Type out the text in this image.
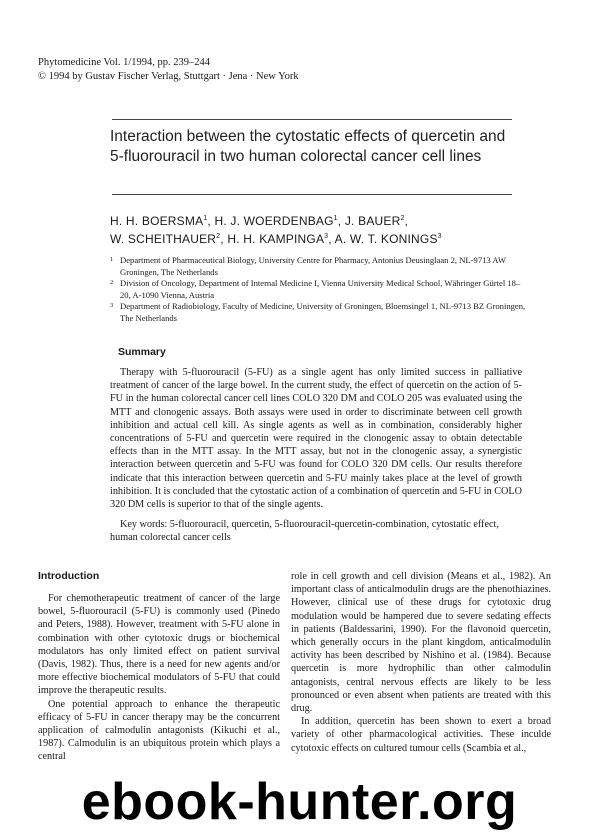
Phytomedicine Vol. 1/1994, pp. 239–244
© 1994 by Gustav Fischer Verlag, Stuttgart · Jena · New York
Interaction between the cytostatic effects of quercetin and 5-fluorouracil in two human colorectal cancer cell lines
H. H. BOERSMA$^1$, H. J. WOERDENBAG$^1$, J. BAUER$^2$,
W. SCHEITHAUER$^2$, H. H. KAMPINGA$^3$, A. W. T. KONINGS$^3$

1 Department of Pharmaceutical Biology, University Centre for Pharmacy, Antonius Deusinglaan 2, NL-9713 AW Groningen, The Netherlands

2 Division of Oncology, Department of Internal Medicine I, Vienna University Medical School, Währinger Gürtel 18–20, A-1090 Vienna, Austria

3 Department of Radiobiology, Faculty of Medicine, University of Groningen, Bloemsingel 1, NL-9713 BZ Groningen, The Netherlands

Summary
Therapy with 5-fluorouracil (5-FU) as a single agent has only limited success in palliative treatment of cancer of the large bowel. In the current study, the effect of quercetin on the action of 5-FU in the human colorectal cancer cell lines COLO 320 DM and COLO 205 was evaluated using the MTT and clonogenic assays. Both assays were used in order to discriminate between cell growth inhibition and actual cell kill. As single agents as well as in combination, considerably higher concentrations of 5-FU and quercetin were required in the clonogenic assay to obtain detectable effects than in the MTT assay. In the MTT assay, but not in the clonogenic assay, a synergistic interaction between quercetin and 5-FU was found for COLO 320 DM cells. Our results therefore indicate that this interaction between quercetin and 5-FU mainly takes place at the level of growth inhibition. It is concluded that the cytostatic action of a combination of quercetin and 5-FU in COLO 320 DM cells is superior to that of the single agents.
Key words: 5-fluorouracil, quercetin, 5-fluorouracil-quercetin-combination, cytostatic effect, human colorectal cancer cells
Introduction

For chemotherapeutic treatment of cancer of the large bowel, 5-fluorouracil (5-FU) is commonly used (Pinedo and Peters, 1988). However, treatment with 5-FU alone in combination with other cytotoxic drugs or biochemical modulators has only limited effect on patient survival (Davis, 1982). Thus, there is a need for new agents and/or more effective biochemical modulators of 5-FU that could improve the therapeutic results.

One potential approach to enhance the therapeutic efficacy of 5-FU in cancer therapy may be the concurrent application of calmodulin antagonists (Kikuchi et al., 1987). Calmodulin is an ubiquitous protein which plays a central

role in cell growth and cell division (Means et al., 1982). An important class of anticalmodulin drugs are the phenothiazines. However, clinical use of these drugs for cytotoxic drug modulation would be hampered due to severe sedating effects in patients (Baldessarini, 1990). For the flavonoid quercetin, which generally occurs in the plant kingdom, anticalmodulin activity has been described by Nishino et al. (1984). Because quercetin is more hydrophilic than other calmodulin antagonists, central nervous effects are likely to be less pronounced or even absent when patients are treated with this drug.

In addition, quercetin has been shown to exert a broad variety of other pharmacological activities. These inculde cytotoxic effects on cultured tumour cells (Scambia et al.,

ebook-hunter.org
